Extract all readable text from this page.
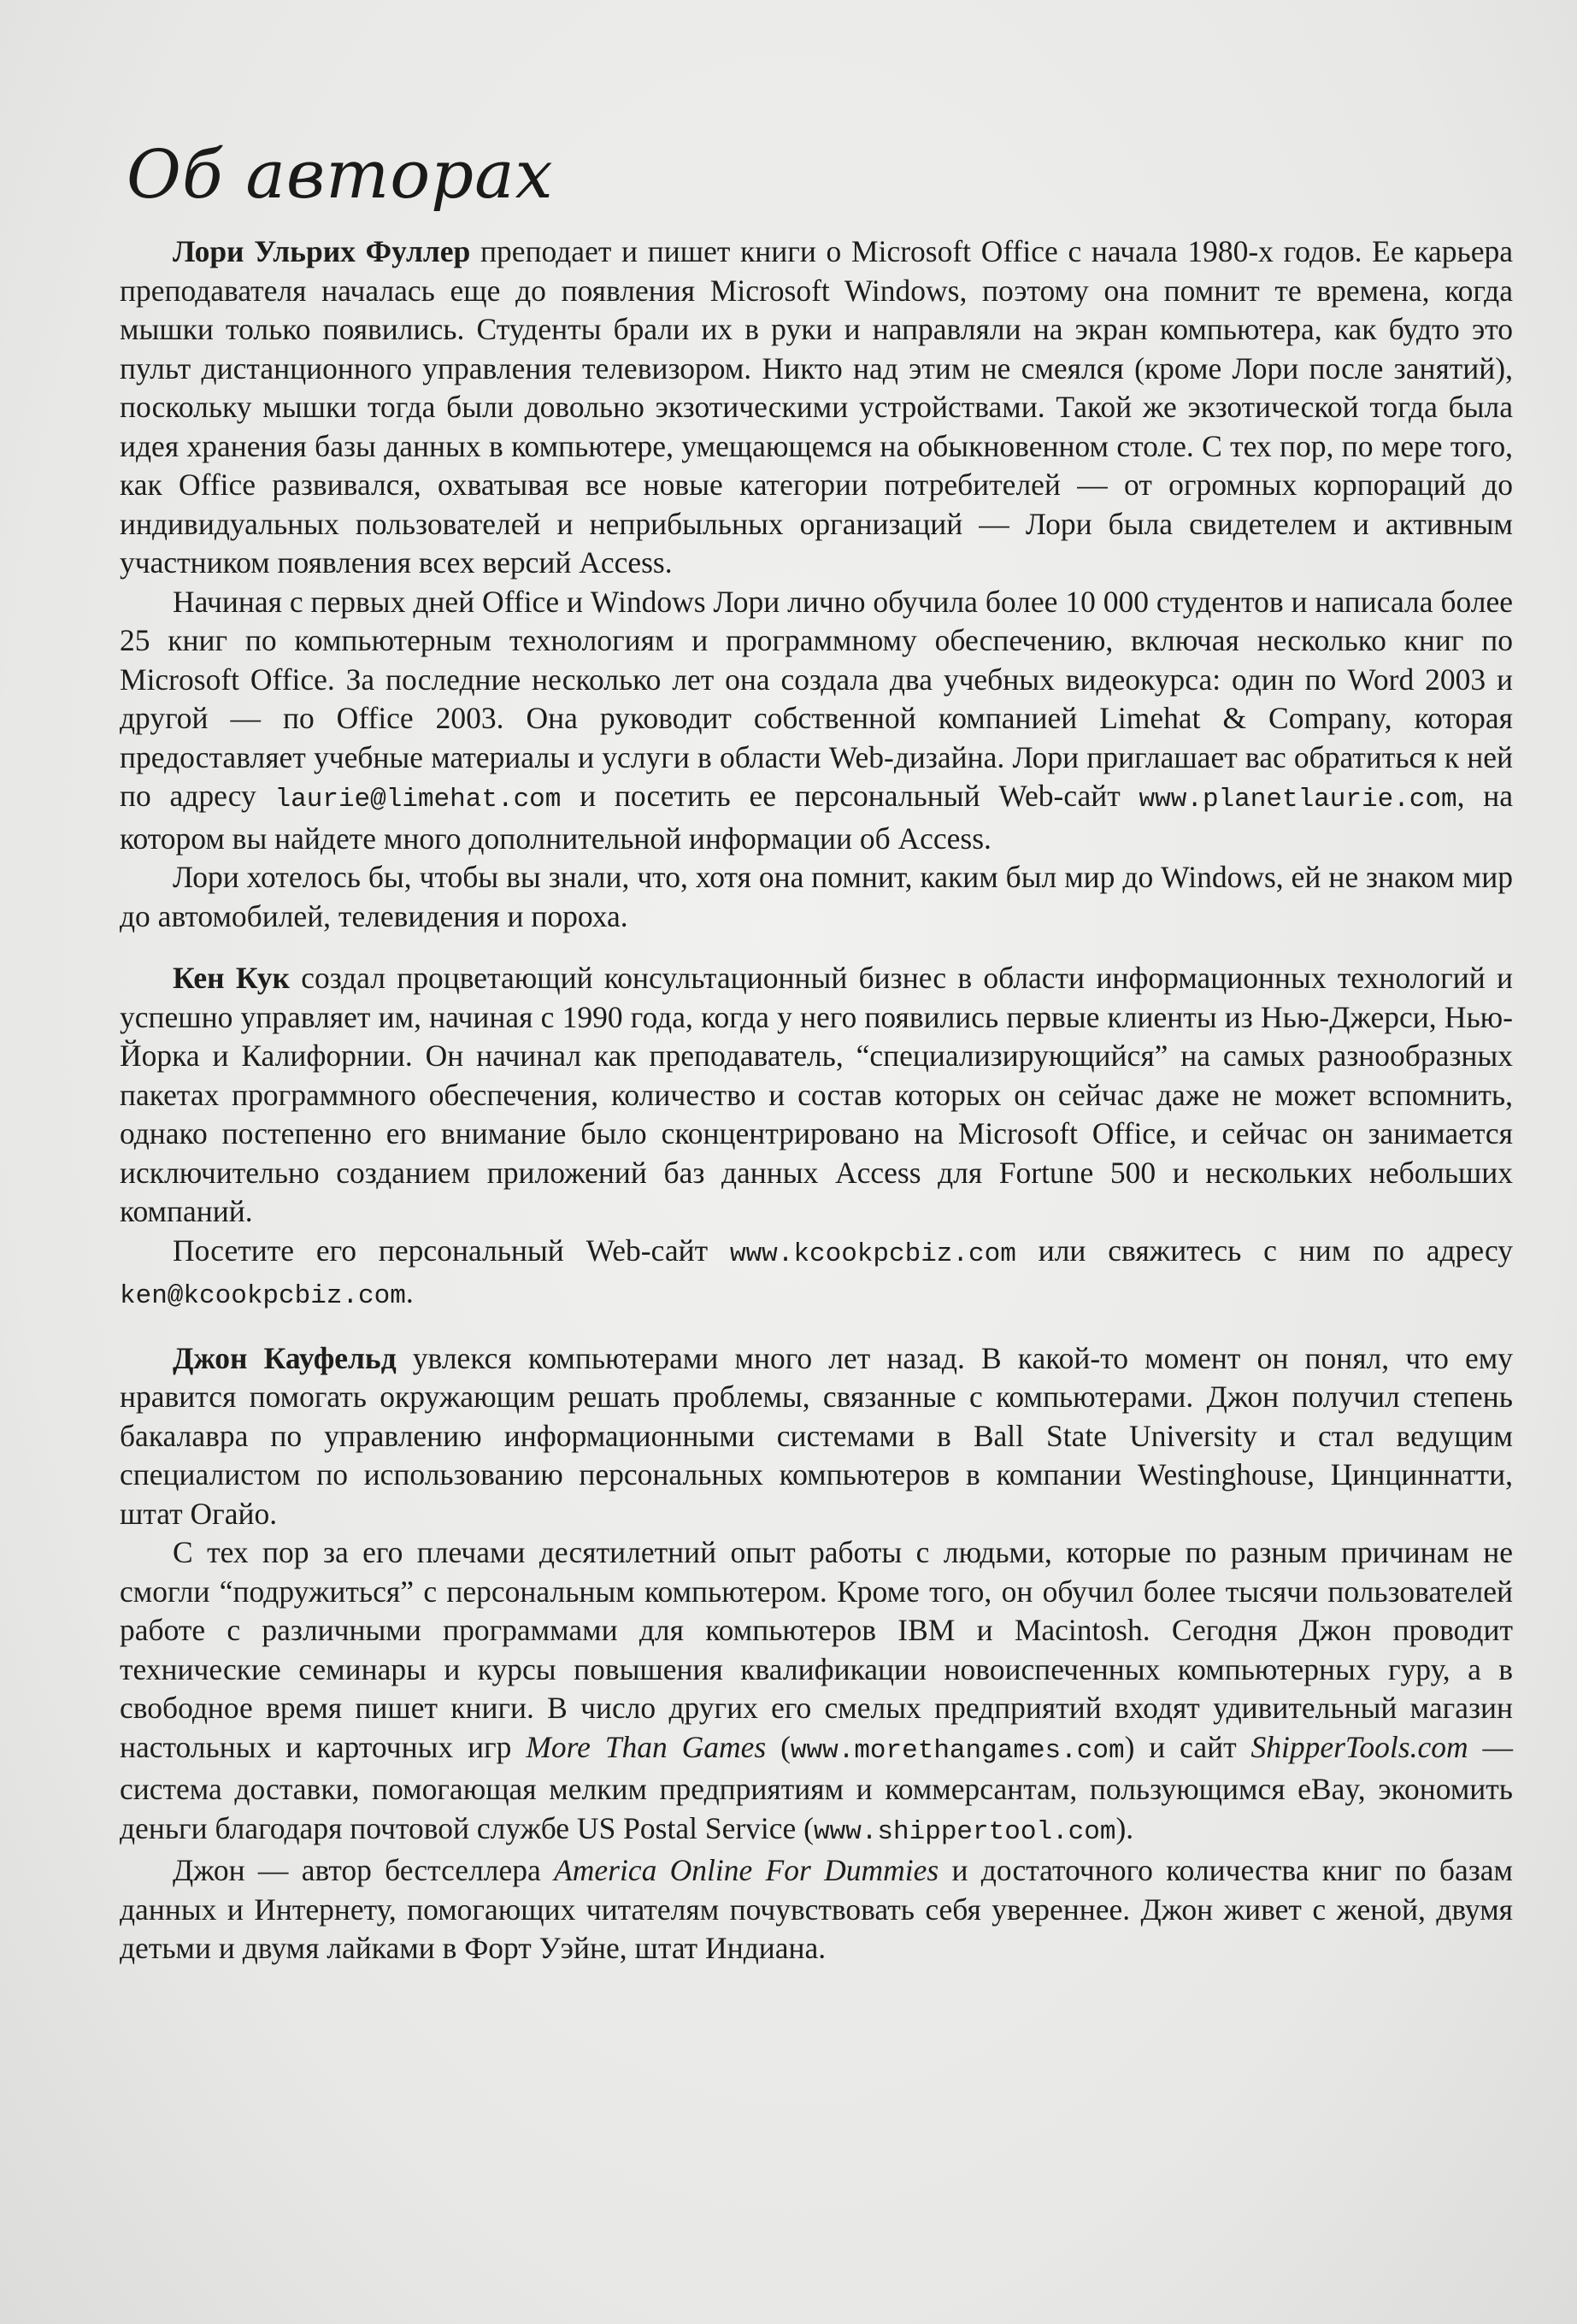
Об авторах

Лори Ульрих Фуллер преподает и пишет книги о Microsoft Office с начала 1980-х годов. Ее карьера преподавателя началась еще до появления Microsoft Windows, поэтому она помнит те времена, когда мышки только появились. Студенты брали их в руки и направляли на экран компьютера, как будто это пульт дистанционного управления телевизором. Никто над этим не смеялся (кроме Лори после занятий), поскольку мышки тогда были довольно экзотическими устройствами. Такой же экзотической тогда была идея хранения базы данных в компьютере, умещающемся на обыкновенном столе. С тех пор, по мере того, как Office развивался, охватывая все новые категории потребителей — от огромных корпораций до индивидуальных пользователей и неприбыльных организаций — Лори была свидетелем и активным участником появления всех версий Access.

Начиная с первых дней Office и Windows Лори лично обучила более 10 000 студентов и написала более 25 книг по компьютерным технологиям и программному обеспечению, включая несколько книг по Microsoft Office. За последние несколько лет она создала два учебных видеокурса: один по Word 2003 и другой — по Office 2003. Она руководит собственной компанией Limehat & Company, которая предоставляет учебные материалы и услуги в области Web-дизайна. Лори приглашает вас обратиться к ней по адресу laurie@limehat.com и посетить ее персональный Web-сайт www.planetlaurie.com, на котором вы найдете много дополнительной информации об Access.

Лори хотелось бы, чтобы вы знали, что, хотя она помнит, каким был мир до Windows, ей не знаком мир до автомобилей, телевидения и пороха.

Кен Кук создал процветающий консультационный бизнес в области информационных технологий и успешно управляет им, начиная с 1990 года, когда у него появились первые клиенты из Нью-Джерси, Нью-Йорка и Калифорнии. Он начинал как преподаватель, “специализирующийся” на самых разнообразных пакетах программного обеспечения, количество и состав которых он сейчас даже не может вспомнить, однако постепенно его внимание было сконцентрировано на Microsoft Office, и сейчас он занимается исключительно созданием приложений баз данных Access для Fortune 500 и нескольких небольших компаний.

Посетите его персональный Web-сайт www.kcookpcbiz.com или свяжитесь с ним по адресу ken@kcookpcbiz.com.

Джон Кауфельд увлекся компьютерами много лет назад. В какой-то момент он понял, что ему нравится помогать окружающим решать проблемы, связанные с компьютерами. Джон получил степень бакалавра по управлению информационными системами в Ball State University и стал ведущим специалистом по использованию персональных компьютеров в компании Westinghouse, Цинциннатти, штат Огайо.

С тех пор за его плечами десятилетний опыт работы с людьми, которые по разным причинам не смогли “подружиться” с персональным компьютером. Кроме того, он обучил более тысячи пользователей работе с различными программами для компьютеров IBM и Macintosh. Сегодня Джон проводит технические семинары и курсы повышения квалификации новоиспеченных компьютерных гуру, а в свободное время пишет книги. В число других его смелых предприятий входят удивительный магазин настольных и карточных игр More Than Games (www.morethangames.com) и сайт ShipperTools.com — система доставки, помогающая мелким предприятиям и коммерсантам, пользующимся eBay, экономить деньги благодаря почтовой службе US Postal Service (www.shippertool.com).

Джон — автор бестселлера America Online For Dummies и достаточного количества книг по базам данных и Интернету, помогающих читателям почувствовать себя увереннее. Джон живет с женой, двумя детьми и двумя лайками в Форт Уэйне, штат Индиана.
